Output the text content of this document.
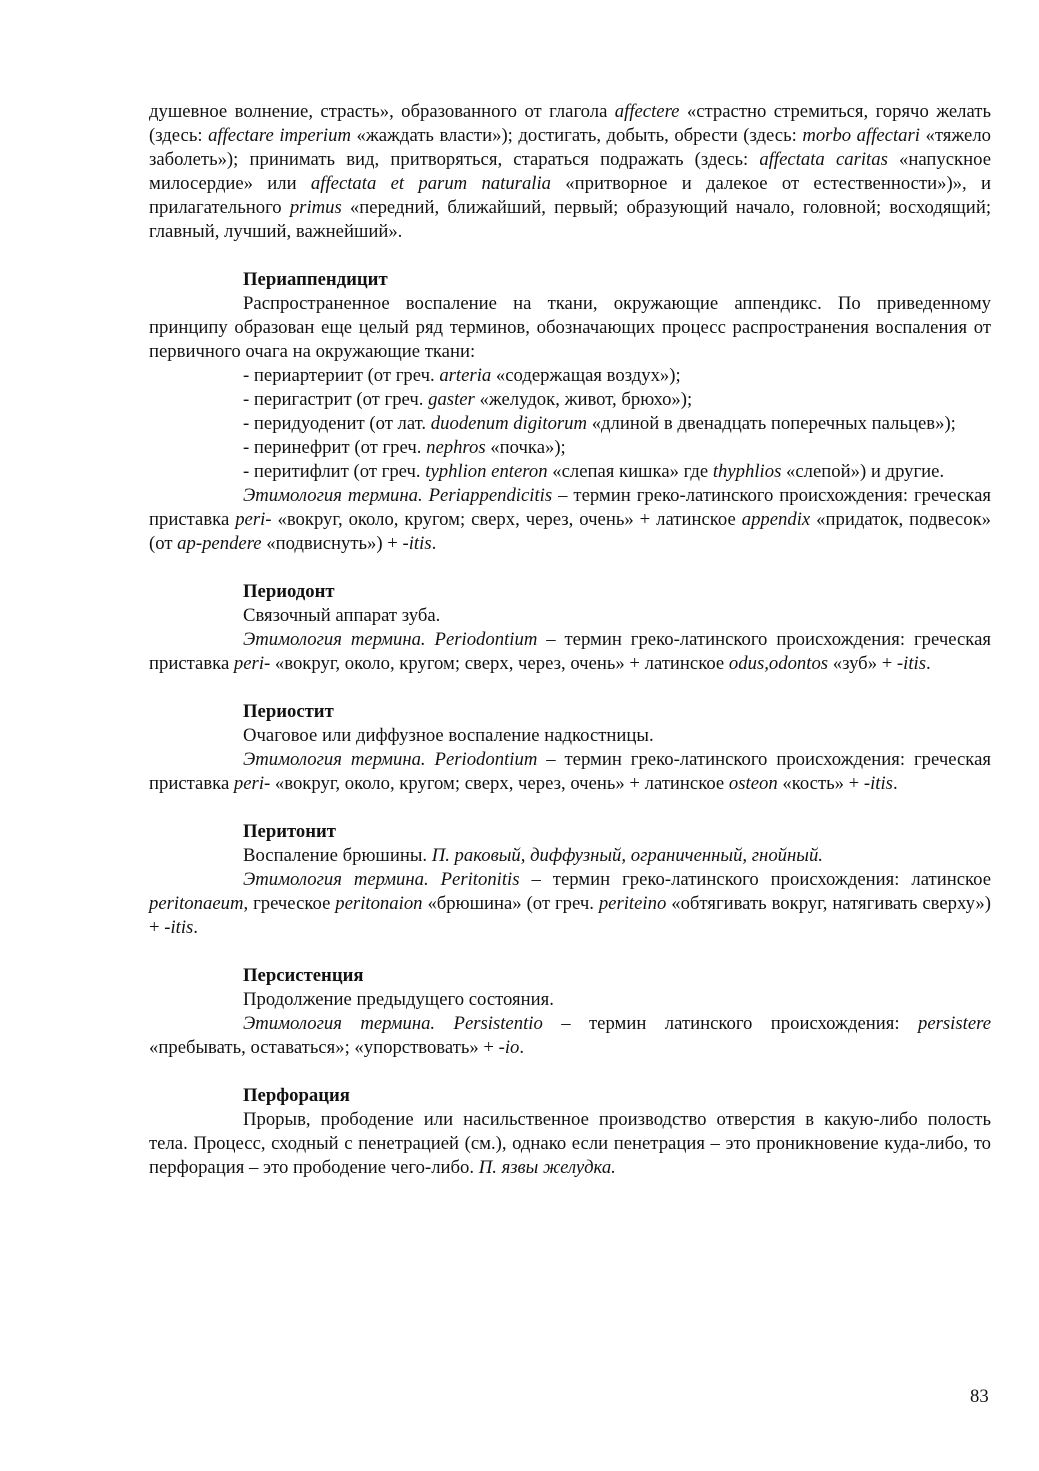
душевное волнение, страсть», образованного от глагола affectere «страстно стремиться, горячо желать (здесь: affectare imperium «жаждать власти»); достигать, добыть, обрести (здесь: morbo affectari «тяжело заболеть»); принимать вид, притворяться, стараться подражать (здесь: affectata caritas «напускное милосердие» или affectata et parum naturalia «притворное и далекое от естественности»)», и прилагательного primus «передний, ближайший, первый; образующий начало, головной; восходящий; главный, лучший, важнейший».

Периаппендицит

Распространенное воспаление на ткани, окружающие аппендикс. По приведенному принципу образован еще целый ряд терминов, обозначающих процесс распространения воспаления от первичного очага на окружающие ткани:

- периартериит (от греч. arteria «содержащая воздух»);

- перигастрит (от греч. gaster «желудок, живот, брюхо»);

- перидуоденит (от лат. duodenum digitorum «длиной в двенадцать поперечных пальцев»);

- перинефрит (от греч. nephros «почка»);

- перитифлит (от греч. typhlion enteron «слепая кишка» где thyphlios «слепой») и другие.

Этимология термина. Periappendicitis – термин греко-латинского происхождения: греческая приставка peri- «вокруг, около, кругом; сверх, через, очень» + латинское appendix «придаток, подвесок» (от ap-pendere «подвиснуть») + -itis.

Периодонт

Связочный аппарат зуба.

Этимология термина. Periodontium – термин греко-латинского происхождения: греческая приставка peri- «вокруг, около, кругом; сверх, через, очень» + латинское odus,odontos «зуб» + -itis.

Периостит

Очаговое или диффузное воспаление надкостницы.

Этимология термина. Periodontium – термин греко-латинского происхождения: греческая приставка peri- «вокруг, около, кругом; сверх, через, очень» + латинское osteon «кость» + -itis.

Перитонит

Воспаление брюшины. П. раковый, диффузный, ограниченный, гнойный.

Этимология термина. Peritonitis – термин греко-латинского происхождения: латинское peritonaeum, греческое peritonaion «брюшина» (от греч. periteino «обтягивать вокруг, натягивать сверху») + -itis.

Персистенция

Продолжение предыдущего состояния.

Этимология термина. Persistentio – термин латинского происхождения: persistere «пребывать, оставаться»; «упорствовать» + -io.

Перфорация

Прорыв, прободение или насильственное производство отверстия в какую-либо полость тела. Процесс, сходный с пенетрацией (см.), однако если пенетрация – это проникновение куда-либо, то перфорация – это прободение чего-либо. П. язвы желудка.

83
